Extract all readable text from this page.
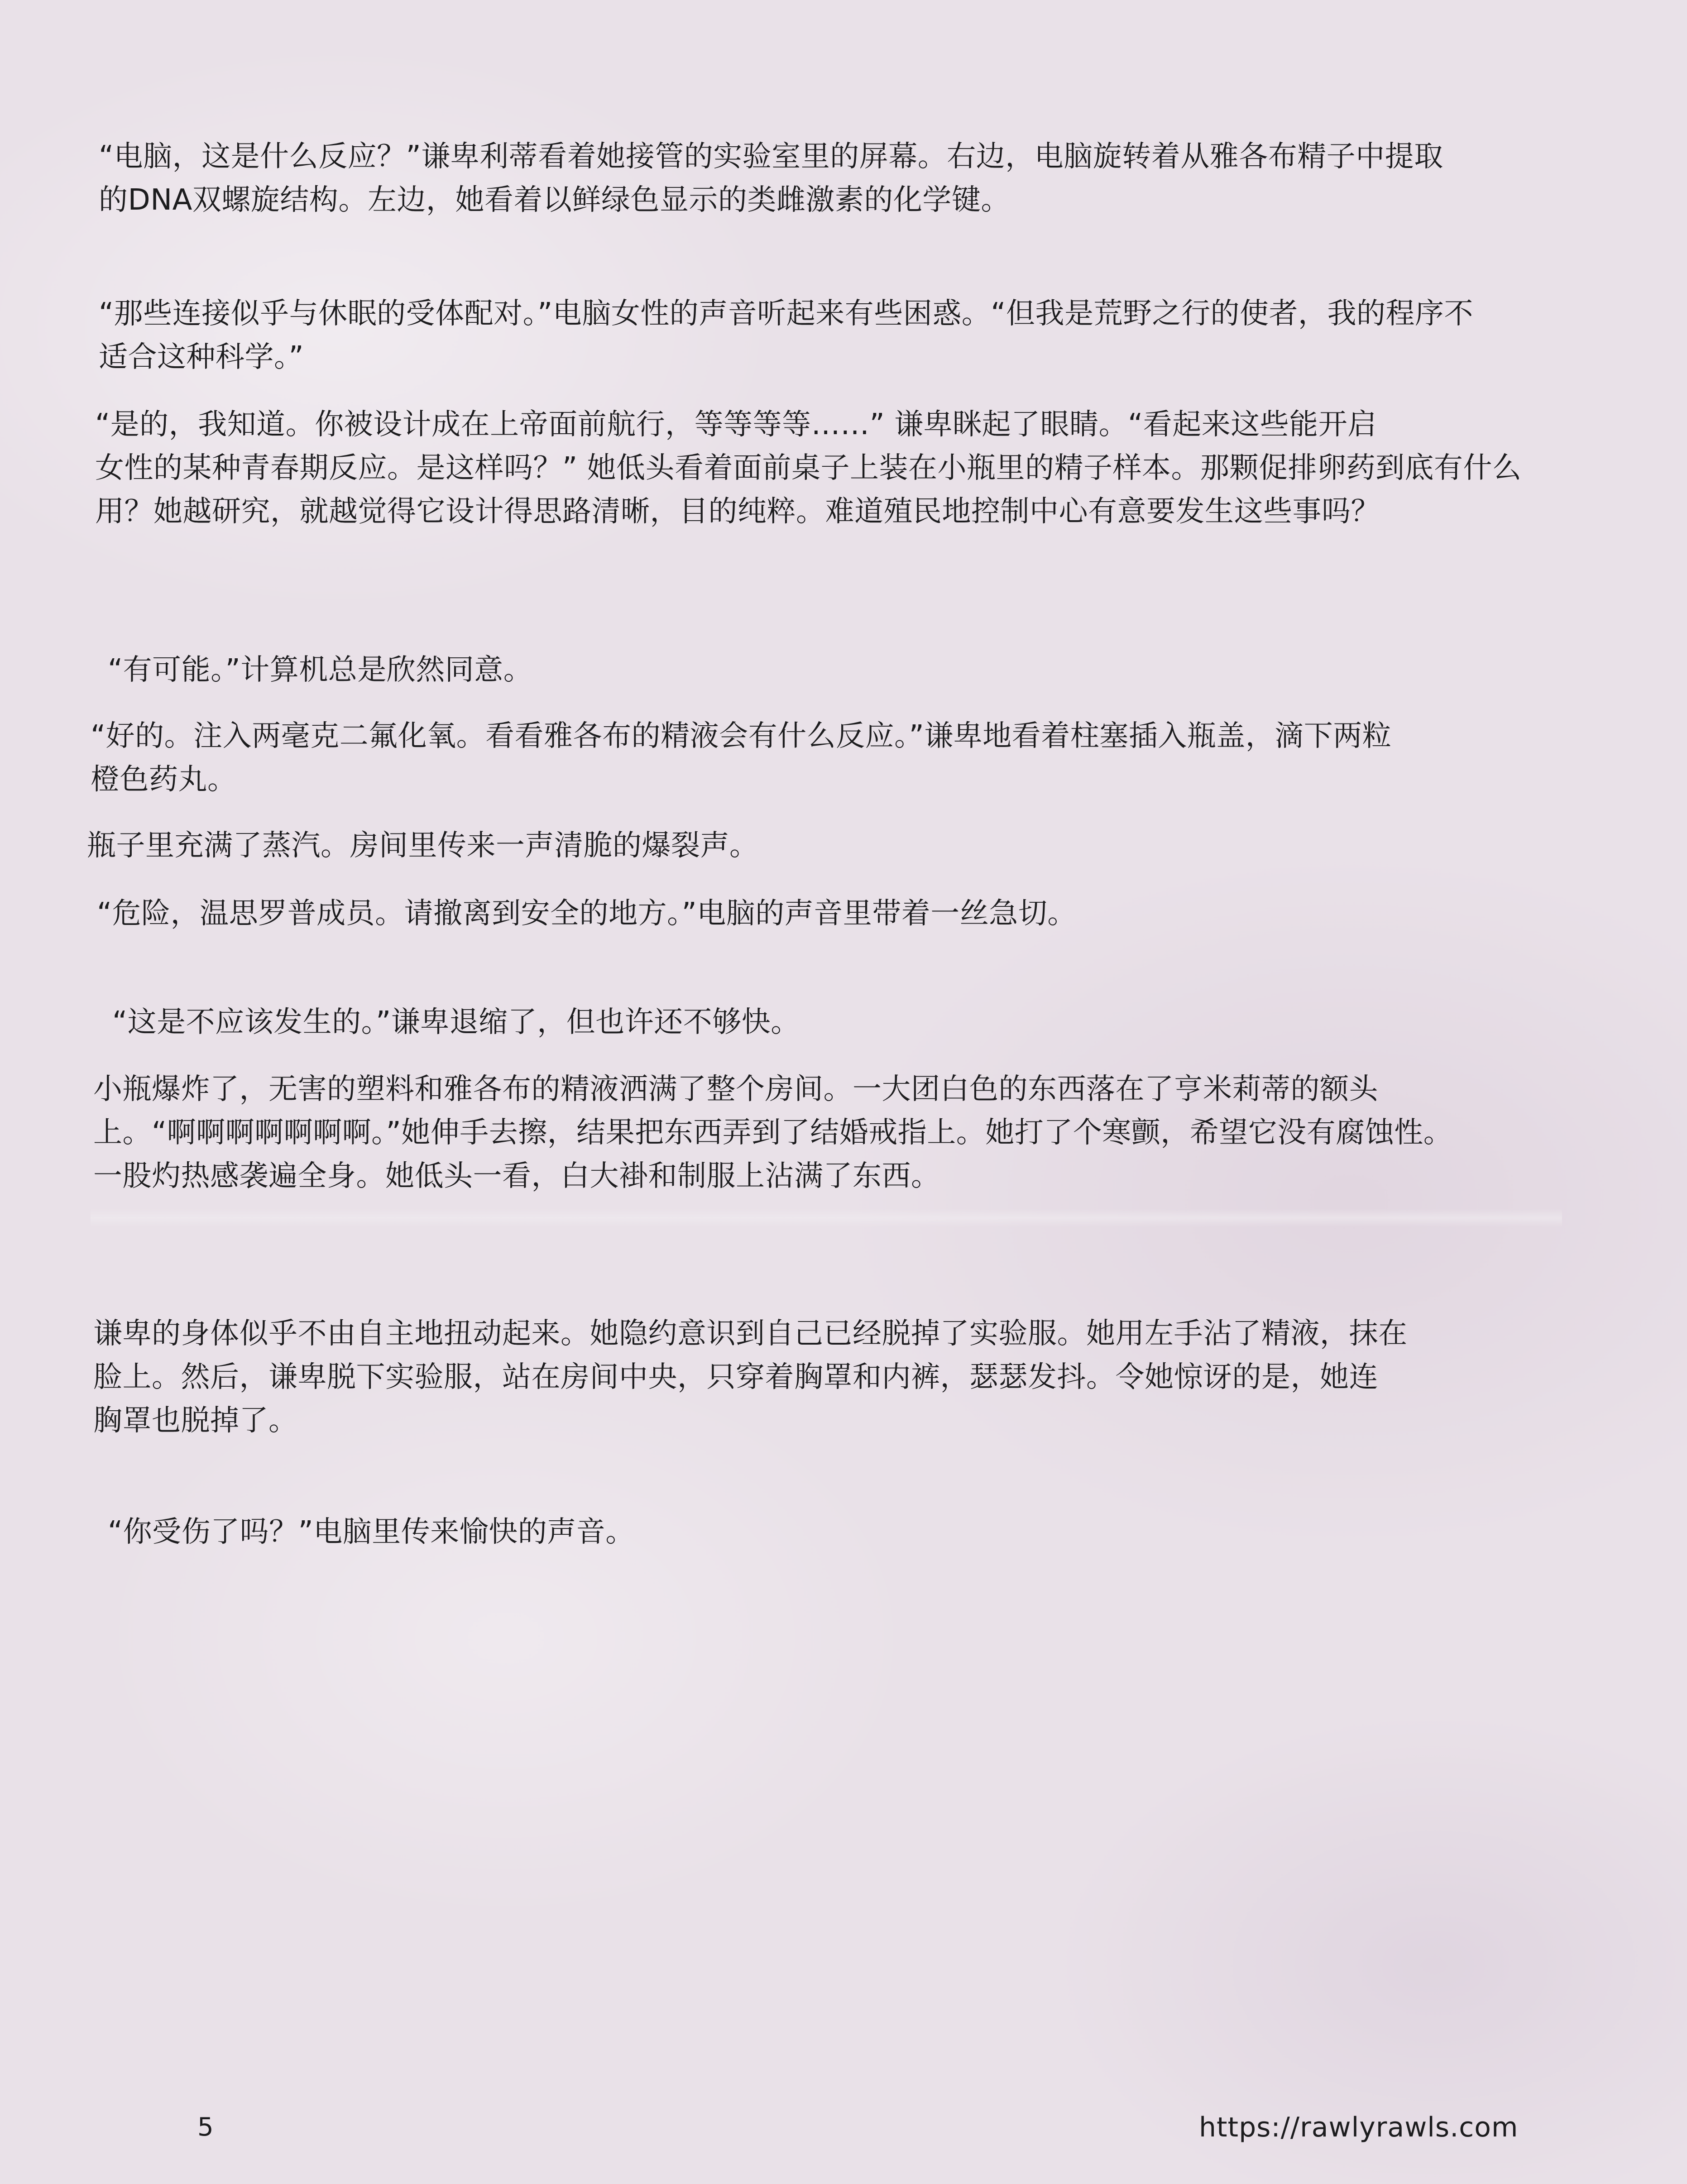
“电脑，这是什么反应？”谦卑利蒂看着她接管的实验室里的屏幕。右边，电脑旋转着从雅各布精子中提取
的DNA双螺旋结构。左边，她看着以鲜绿色显示的类雌激素的化学键。
“那些连接似乎与休眠的受体配对。”电脑女性的声音听起来有些困惑。“但我是荒野之行的使者，我的程序不
适合这种科学。”
“是的，我知道。你被设计成在上帝面前航行，等等等等……” 谦卑眯起了眼睛。“看起来这些能开启
女性的某种青春期反应。是这样吗？” 她低头看着面前桌子上装在小瓶里的精子样本。那颗促排卵药到底有什么
用？她越研究，就越觉得它设计得思路清晰，目的纯粹。难道殖民地控制中心有意要发生这些事吗？
“有可能。”计算机总是欣然同意。
“好的。注入两毫克二氟化氧。看看雅各布的精液会有什么反应。”谦卑地看着柱塞插入瓶盖，滴下两粒
橙色药丸。
瓶子里充满了蒸汽。房间里传来一声清脆的爆裂声。
“危险，温思罗普成员。请撤离到安全的地方。”电脑的声音里带着一丝急切。
“这是不应该发生的。”谦卑退缩了，但也许还不够快。
小瓶爆炸了，无害的塑料和雅各布的精液洒满了整个房间。一大团白色的东西落在了亨米莉蒂的额头
上。“啊啊啊啊啊啊啊。”她伸手去擦，结果把东西弄到了结婚戒指上。她打了个寒颤，希望它没有腐蚀性。
一股灼热感袭遍全身。她低头一看，白大褂和制服上沾满了东西。
谦卑的身体似乎不由自主地扭动起来。她隐约意识到自己已经脱掉了实验服。她用左手沾了精液，抹在
脸上。然后，谦卑脱下实验服，站在房间中央，只穿着胸罩和内裤，瑟瑟发抖。令她惊讶的是，她连
胸罩也脱掉了。
“你受伤了吗？”电脑里传来愉快的声音。
5	https://rawlyrawls.com
